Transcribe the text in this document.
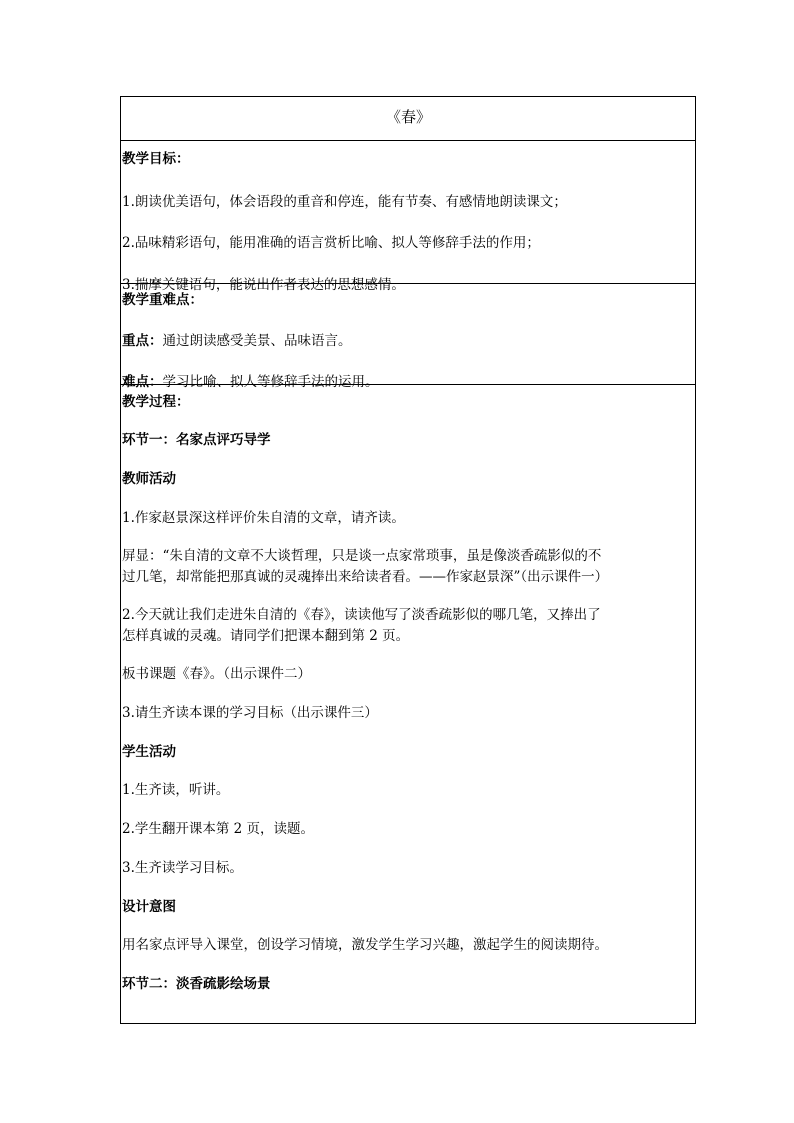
《春》

教学目标：

1.朗读优美语句，体会语段的重音和停连，能有节奏、有感情地朗读课文；

2.品味精彩语句，能用准确的语言赏析比喻、拟人等修辞手法的作用；

3.揣摩关键语句，能说出作者表达的思想感情。

教学重难点：

重点：通过朗读感受美景、品味语言。

难点：学习比喻、拟人等修辞手法的运用。

教学过程：

环节一：名家点评巧导学

教师活动

1.作家赵景深这样评价朱自清的文章，请齐读。

屏显：“朱自清的文章不大谈哲理，只是谈一点家常琐事，虽是像淡香疏影似的不

过几笔，却常能把那真诚的灵魂捧出来给读者看。——作家赵景深”（出示课件一）

2.今天就让我们走进朱自清的《春》，读读他写了淡香疏影似的哪几笔，又捧出了

怎样真诚的灵魂。请同学们把课本翻到第 2 页。

板书课题《春》。（出示课件二）

3.请生齐读本课的学习目标（出示课件三）

学生活动

1.生齐读，听讲。

2.学生翻开课本第 2 页，读题。

3.生齐读学习目标。

设计意图

用名家点评导入课堂，创设学习情境，激发学生学习兴趣，激起学生的阅读期待。

环节二：淡香疏影绘场景
